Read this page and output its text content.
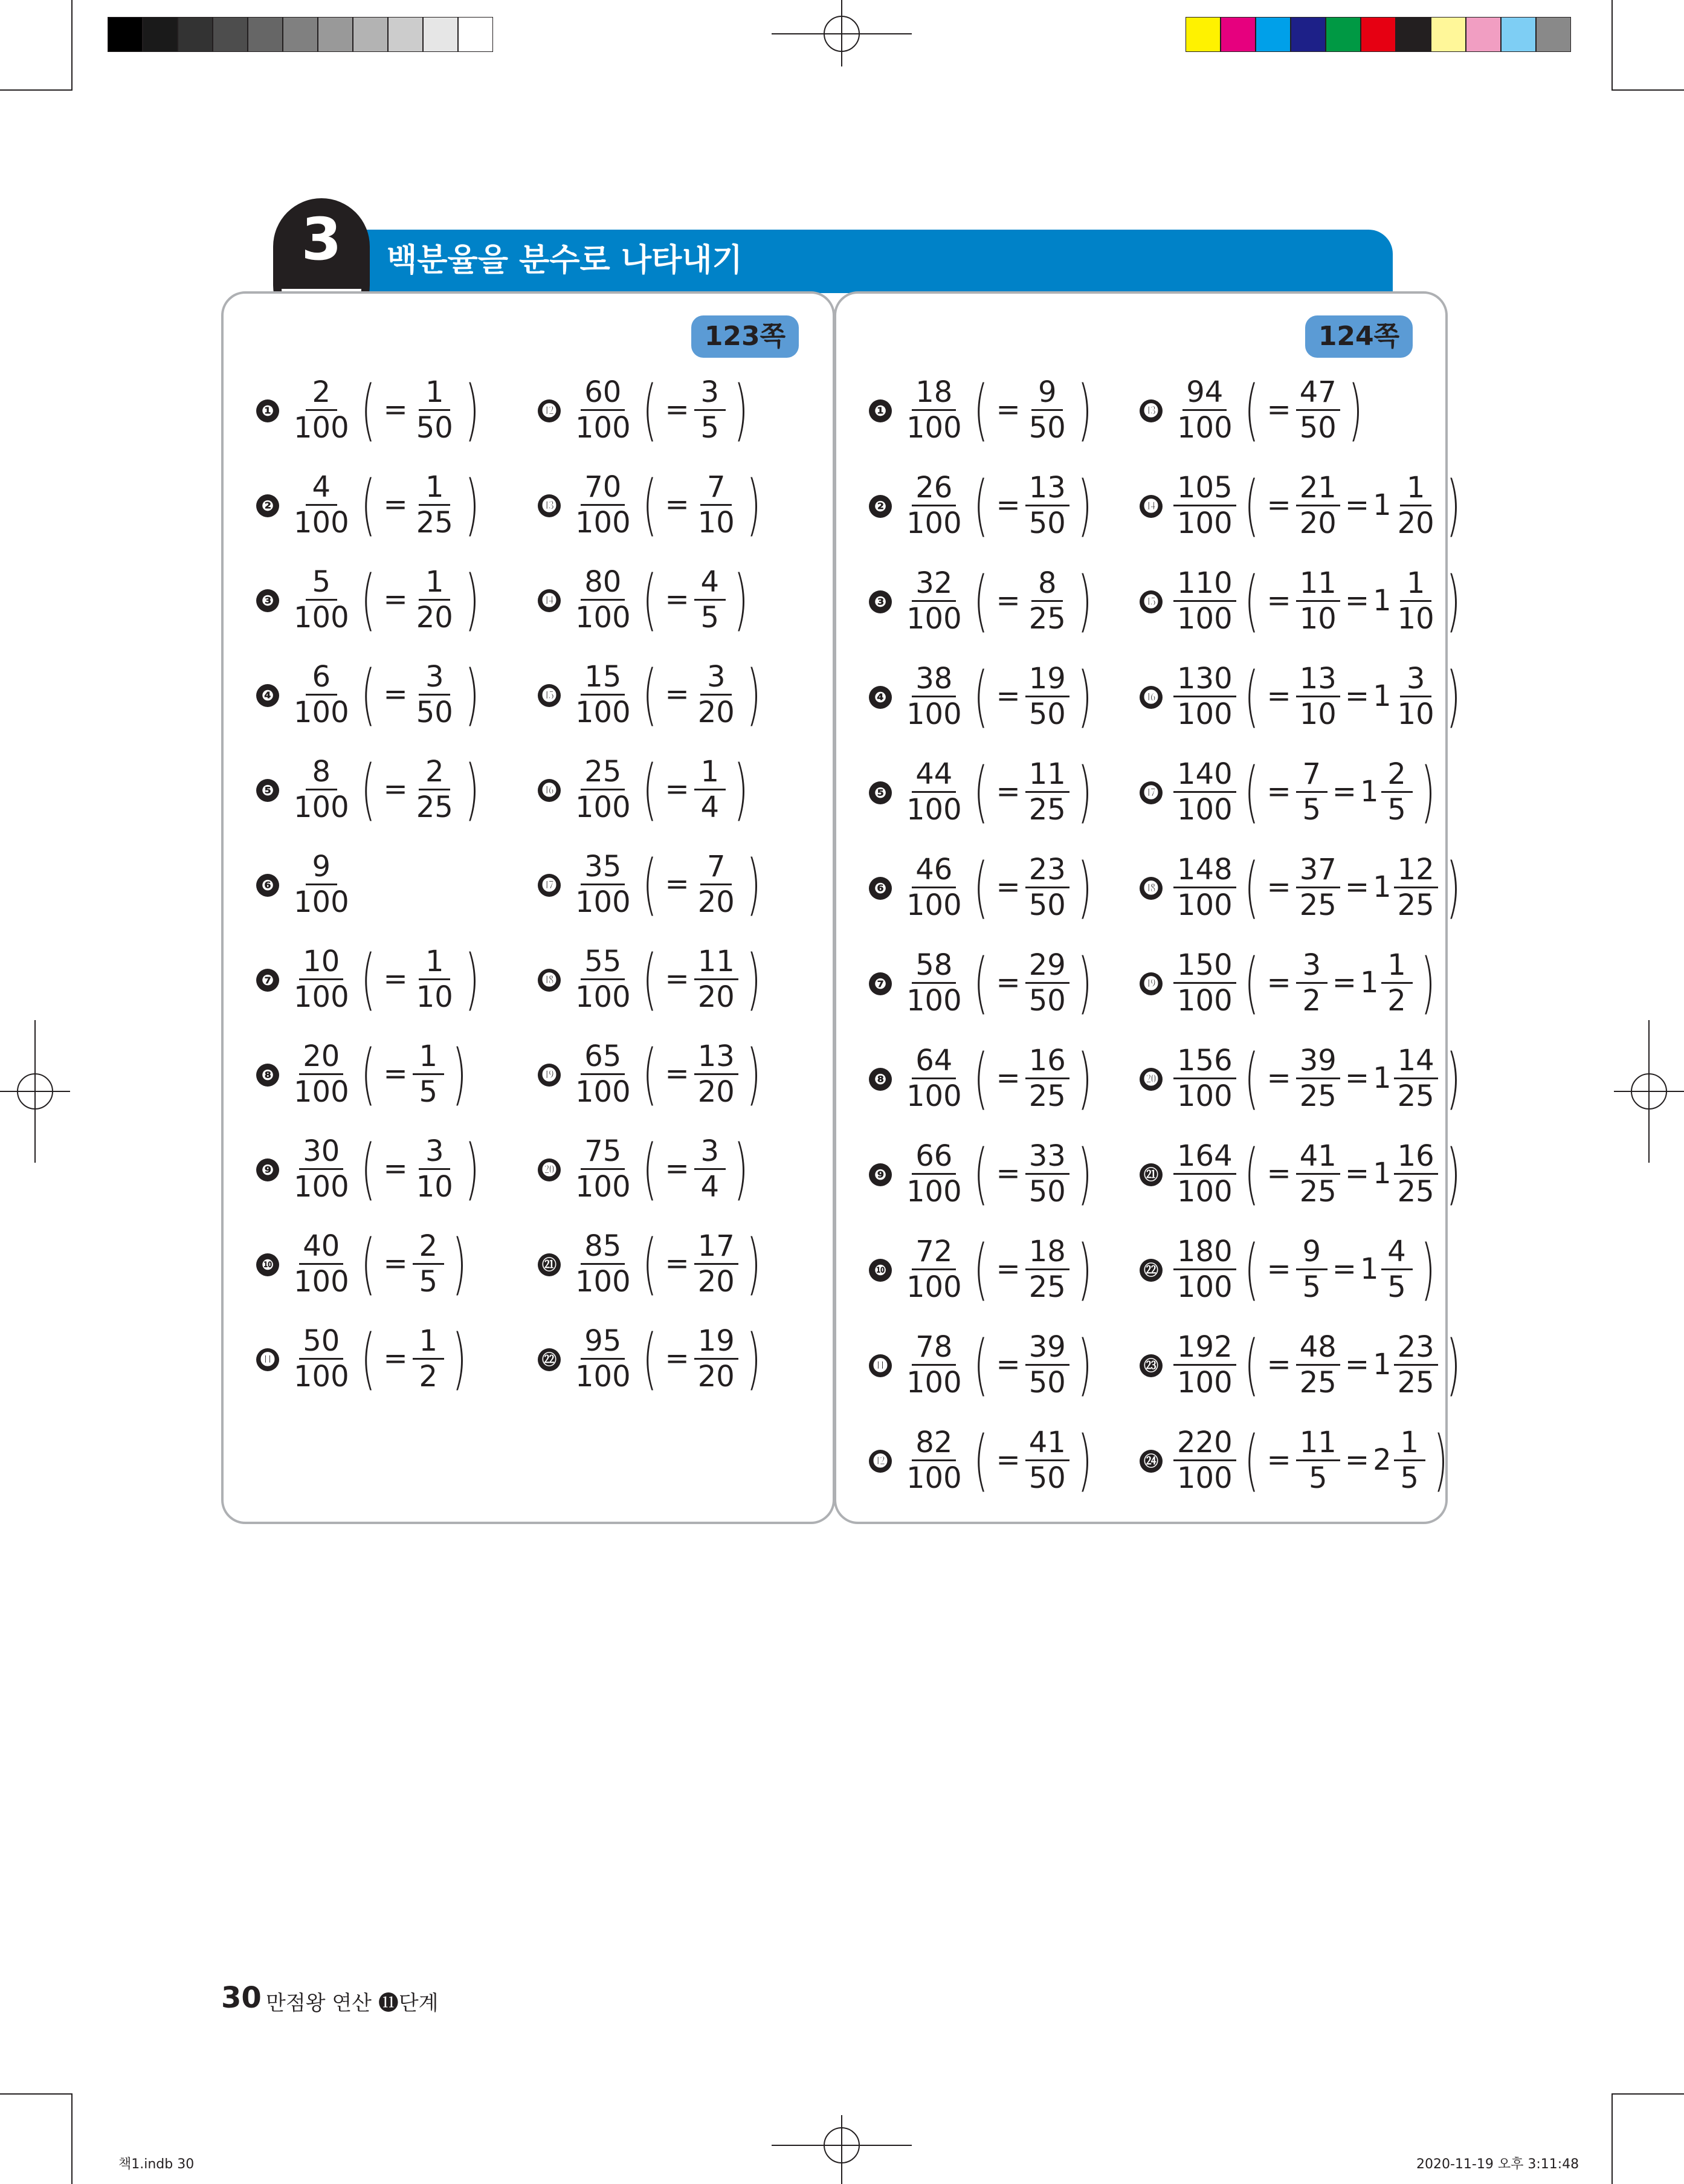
백분율을 분수로 나타내기
3
123쪽	124쪽
❶ $\frac{2}{100}$ ( = $\frac{1}{50}$ )
❷ $\frac{4}{100}$ ( = $\frac{1}{25}$ )
❸ $\frac{5}{100}$ ( = $\frac{1}{20}$ )
❹ $\frac{6}{100}$ ( = $\frac{3}{50}$ )
❺ $\frac{8}{100}$ ( = $\frac{2}{25}$ )
❻ $\frac{9}{100}$
❼ $\frac{10}{100}$ ( = $\frac{1}{10}$ )
❽ $\frac{20}{100}$ ( = $\frac{1}{5}$ )
❾ $\frac{30}{100}$ ( = $\frac{3}{10}$ )
❿ $\frac{40}{100}$ ( = $\frac{2}{5}$ )
⓫ $\frac{50}{100}$ ( = $\frac{1}{2}$ )
⓬ $\frac{60}{100}$ ( = $\frac{3}{5}$ )
⓭ $\frac{70}{100}$ ( = $\frac{7}{10}$ )
⓮ $\frac{80}{100}$ ( = $\frac{4}{5}$ )
⓯ $\frac{15}{100}$ ( = $\frac{3}{20}$ )
⓰ $\frac{25}{100}$ ( = $\frac{1}{4}$ )
⓱ $\frac{35}{100}$ ( = $\frac{7}{20}$ )
⓲ $\frac{55}{100}$ ( = $\frac{11}{20}$ )
⓳ $\frac{65}{100}$ ( = $\frac{13}{20}$ )
⓴ $\frac{75}{100}$ ( = $\frac{3}{4}$ )
㉑ $\frac{85}{100}$ ( = $\frac{17}{20}$ )
㉒ $\frac{95}{100}$ ( = $\frac{19}{20}$ )
❶ $\frac{18}{100}$ ( = $\frac{9}{50}$ )
❷ $\frac{26}{100}$ ( = $\frac{13}{50}$ )
❸ $\frac{32}{100}$ ( = $\frac{8}{25}$ )
❹ $\frac{38}{100}$ ( = $\frac{19}{50}$ )
❺ $\frac{44}{100}$ ( = $\frac{11}{25}$ )
❻ $\frac{46}{100}$ ( = $\frac{23}{50}$ )
❼ $\frac{58}{100}$ ( = $\frac{29}{50}$ )
❽ $\frac{64}{100}$ ( = $\frac{16}{25}$ )
❾ $\frac{66}{100}$ ( = $\frac{33}{50}$ )
❿ $\frac{72}{100}$ ( = $\frac{18}{25}$ )
⓫ $\frac{78}{100}$ ( = $\frac{39}{50}$ )
⓬ $\frac{82}{100}$ ( = $\frac{41}{50}$ )
⓭ $\frac{94}{100}$ ( = $\frac{47}{50}$ )
⓮ $\frac{105}{100}$ ( = $\frac{21}{20} = 1 \frac{1}{20}$ )
⓯ $\frac{110}{100}$ ( = $\frac{11}{10} = 1 \frac{1}{10}$ )
⓰ $\frac{130}{100}$ ( = $\frac{13}{10} = 1 \frac{3}{10}$ )
⓱ $\frac{140}{100}$ ( = $\frac{7}{5} = 1 \frac{2}{5}$ )
⓲ $\frac{148}{100}$ ( = $\frac{37}{25} = 1 \frac{12}{25}$ )
⓳ $\frac{150}{100}$ ( = $\frac{3}{2} = 1 \frac{1}{2}$ )
⓴ $\frac{156}{100}$ ( = $\frac{39}{25} = 1 \frac{14}{25}$ )
㉑ $\frac{164}{100}$ ( = $\frac{41}{25} = 1 \frac{16}{25}$ )
㉒ $\frac{180}{100}$ ( = $\frac{9}{5} = 1 \frac{4}{5}$ )
㉓ $\frac{192}{100}$ ( = $\frac{48}{25} = 1 \frac{23}{25}$ )
㉔ $\frac{220}{100}$ ( = $\frac{11}{5} = 2 \frac{1}{5}$ )
30 만점왕 연산 ⓫단계
책1.indb 30	2020-11-19 오후 3:11:48
